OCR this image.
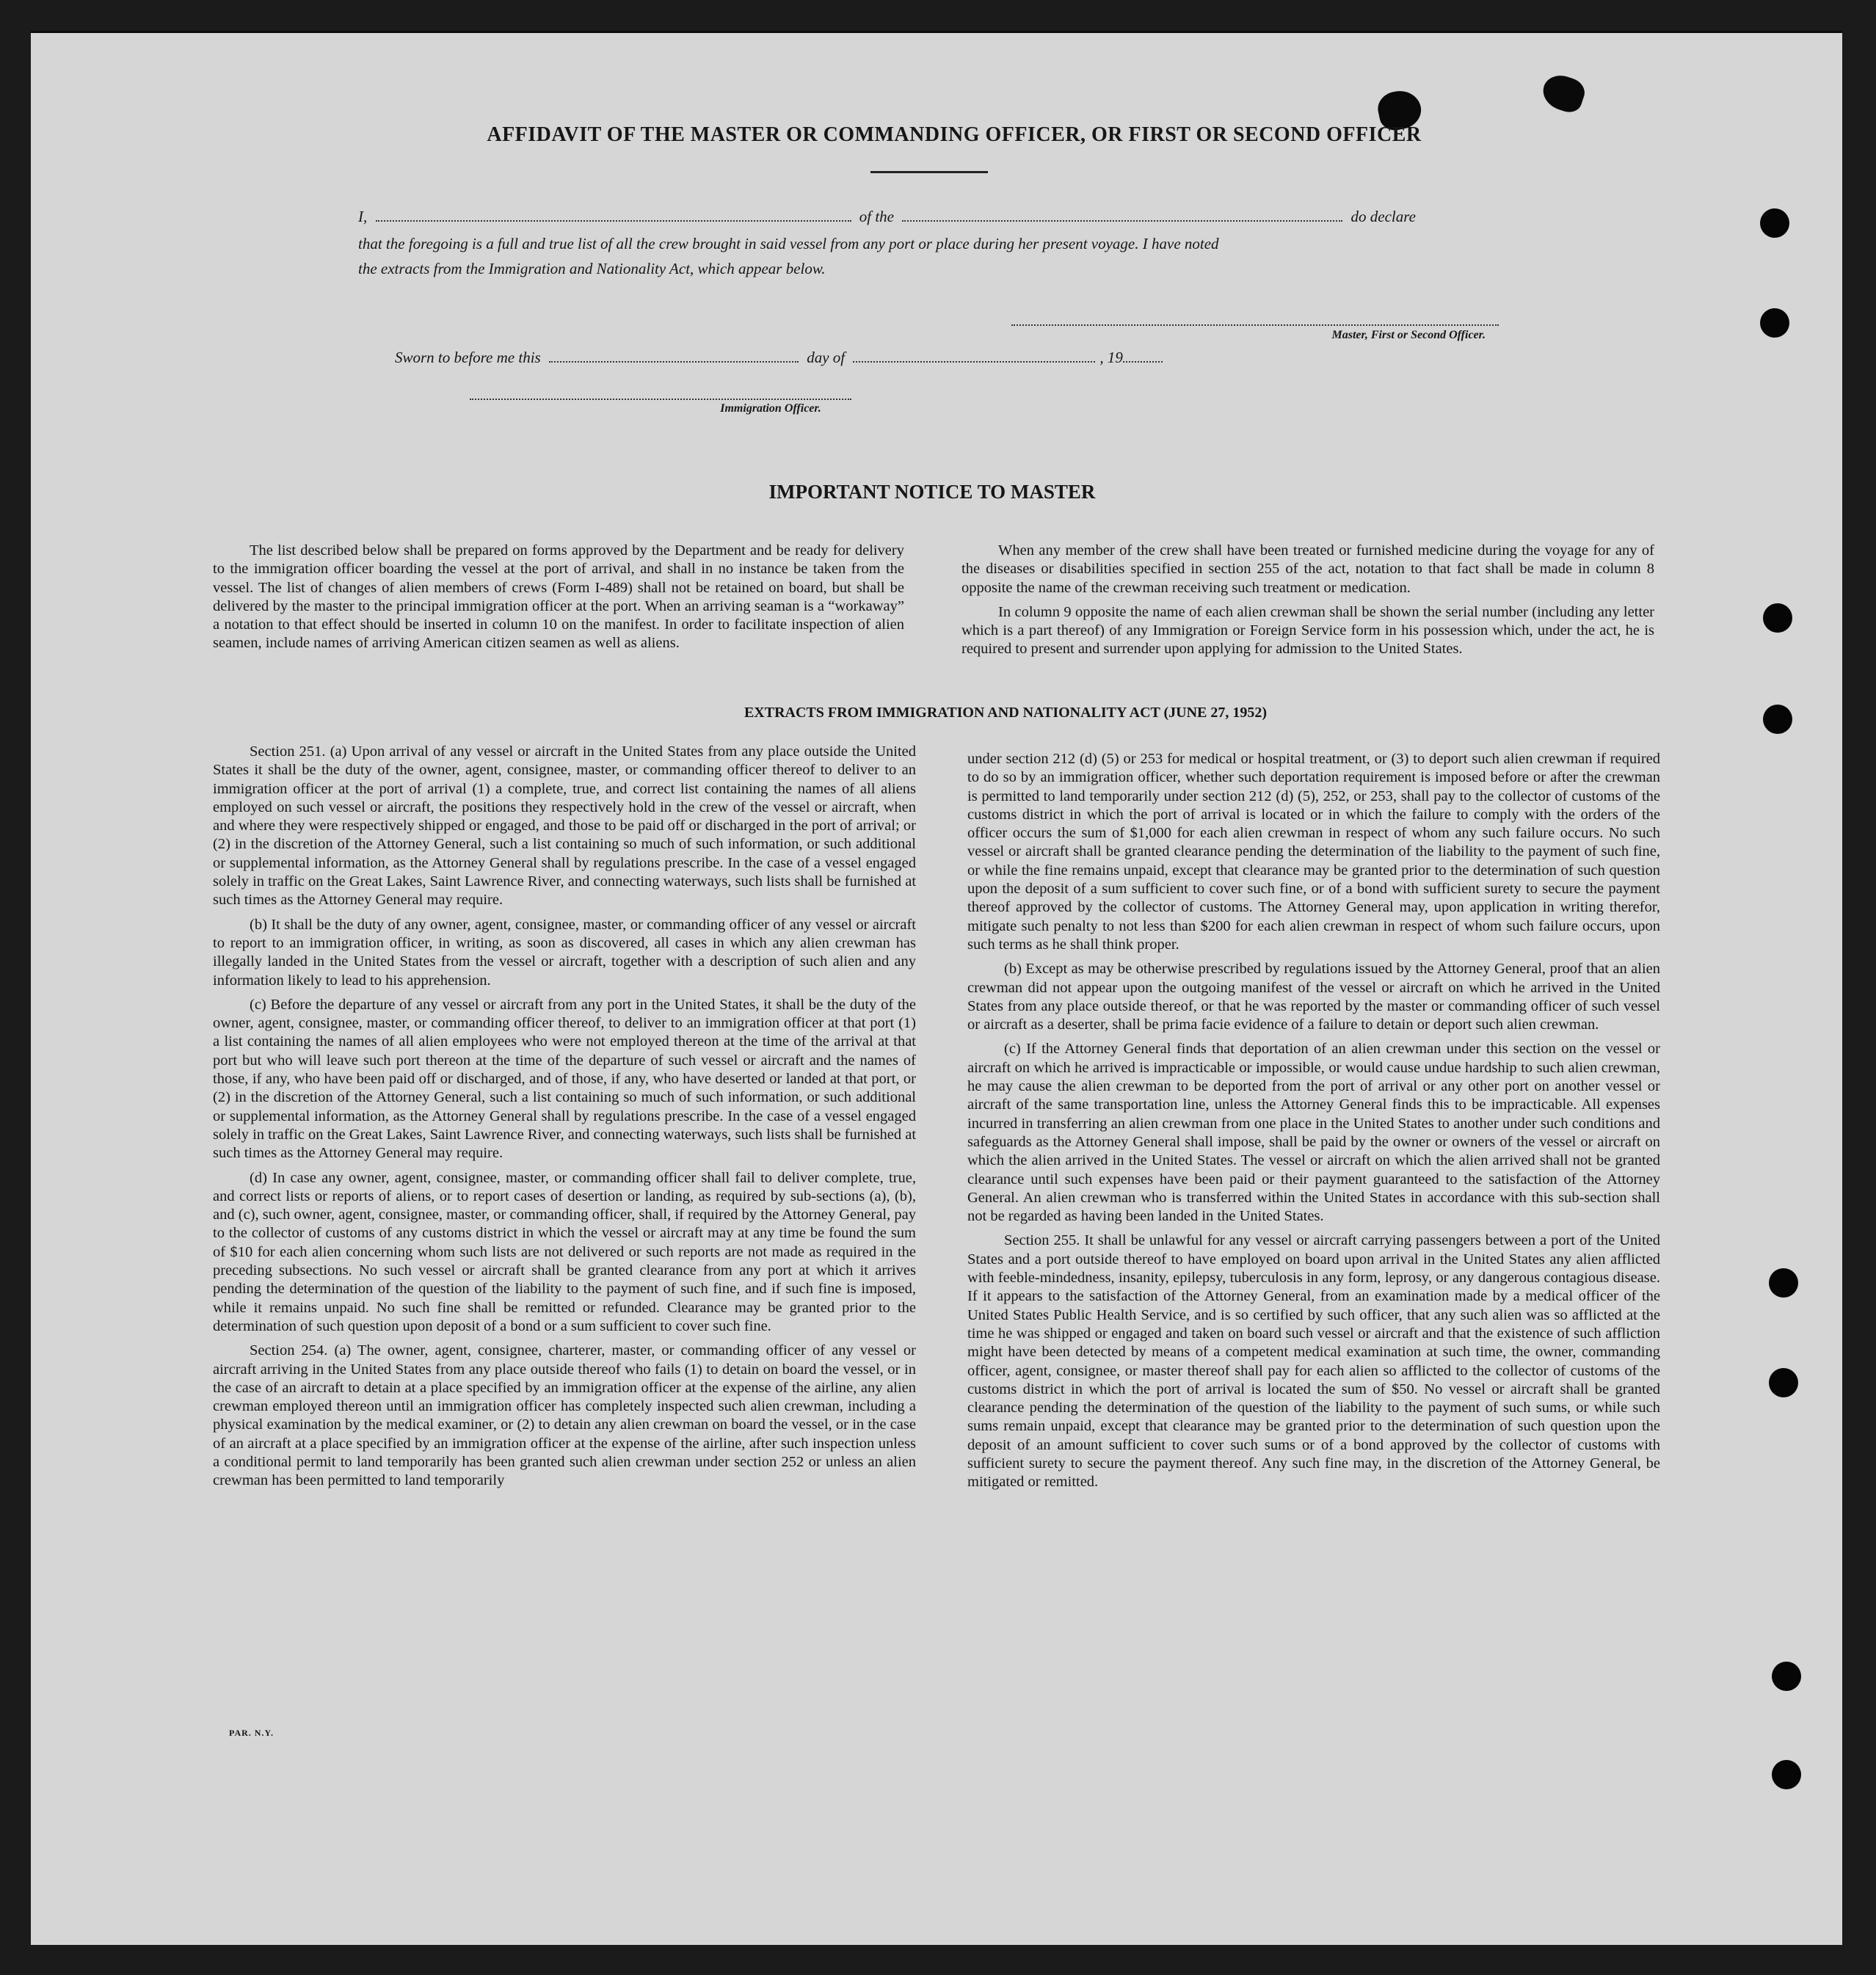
AFFIDAVIT OF THE MASTER OR COMMANDING OFFICER, OR FIRST OR SECOND OFFICER
I,	of the	do declare
that the foregoing is a full and true list of all the crew brought in said vessel from any port or place during her present voyage. I have noted
the extracts from the Immigration and Nationality Act, which appear below.
Master, First or Second Officer.
Sworn to before me this	day of	, 19
Immigration Officer.
IMPORTANT NOTICE TO MASTER

The list described below shall be prepared on forms approved by the Department and be ready for delivery to the immigration officer boarding the vessel at the port of arrival, and shall in no instance be taken from the vessel. The list of changes of alien members of crews (Form I-489) shall not be retained on board, but shall be delivered by the master to the principal immigration officer at the port. When an arriving seaman is a “workaway” a notation to that effect should be inserted in column 10 on the manifest. In order to facilitate inspection of alien seamen, include names of arriving American citizen seamen as well as aliens.

When any member of the crew shall have been treated or furnished medicine during the voyage for any of the diseases or disabilities specified in section 255 of the act, notation to that fact shall be made in column 8 opposite the name of the crewman receiving such treatment or medication.

In column 9 opposite the name of each alien crewman shall be shown the serial number (including any letter which is a part thereof) of any Immigration or Foreign Service form in his possession which, under the act, he is required to present and surrender upon applying for admission to the United States.

EXTRACTS FROM IMMIGRATION AND NATIONALITY ACT (JUNE 27, 1952)

Section 251. (a) Upon arrival of any vessel or aircraft in the United States from any place outside the United States it shall be the duty of the owner, agent, consignee, master, or commanding officer thereof to deliver to an immigration officer at the port of arrival (1) a complete, true, and correct list containing the names of all aliens employed on such vessel or aircraft, the positions they respectively hold in the crew of the vessel or aircraft, when and where they were respectively shipped or engaged, and those to be paid off or discharged in the port of arrival; or (2) in the discretion of the Attorney General, such a list containing so much of such information, or such additional or supplemental information, as the Attorney General shall by regulations prescribe. In the case of a vessel engaged solely in traffic on the Great Lakes, Saint Lawrence River, and connecting waterways, such lists shall be furnished at such times as the Attorney General may require.

(b) It shall be the duty of any owner, agent, consignee, master, or commanding officer of any vessel or aircraft to report to an immigration officer, in writing, as soon as discovered, all cases in which any alien crewman has illegally landed in the United States from the vessel or aircraft, together with a description of such alien and any information likely to lead to his apprehension.

(c) Before the departure of any vessel or aircraft from any port in the United States, it shall be the duty of the owner, agent, consignee, master, or commanding officer thereof, to deliver to an immigration officer at that port (1) a list containing the names of all alien employees who were not employed thereon at the time of the arrival at that port but who will leave such port thereon at the time of the departure of such vessel or aircraft and the names of those, if any, who have been paid off or discharged, and of those, if any, who have deserted or landed at that port, or (2) in the discretion of the Attorney General, such a list containing so much of such information, or such additional or supplemental information, as the Attorney General shall by regulations prescribe. In the case of a vessel engaged solely in traffic on the Great Lakes, Saint Lawrence River, and connecting waterways, such lists shall be furnished at such times as the Attorney General may require.

(d) In case any owner, agent, consignee, master, or commanding officer shall fail to deliver complete, true, and correct lists or reports of aliens, or to report cases of desertion or landing, as required by sub-sections (a), (b), and (c), such owner, agent, consignee, master, or commanding officer, shall, if required by the Attorney General, pay to the collector of customs of any customs district in which the vessel or aircraft may at any time be found the sum of $10 for each alien concerning whom such lists are not delivered or such reports are not made as required in the preceding subsections. No such vessel or aircraft shall be granted clearance from any port at which it arrives pending the determination of the question of the liability to the payment of such fine, and if such fine is imposed, while it remains unpaid. No such fine shall be remitted or refunded. Clearance may be granted prior to the determination of such question upon deposit of a bond or a sum sufficient to cover such fine.

Section 254. (a) The owner, agent, consignee, charterer, master, or commanding officer of any vessel or aircraft arriving in the United States from any place outside thereof who fails (1) to detain on board the vessel, or in the case of an aircraft to detain at a place specified by an immigration officer at the expense of the airline, any alien crewman employed thereon until an immigration officer has completely inspected such alien crewman, including a physical examination by the medical examiner, or (2) to detain any alien crewman on board the vessel, or in the case of an aircraft at a place specified by an immigration officer at the expense of the airline, after such inspection unless a conditional permit to land temporarily has been granted such alien crewman under section 252 or unless an alien crewman has been permitted to land temporarily

under section 212 (d) (5) or 253 for medical or hospital treatment, or (3) to deport such alien crewman if required to do so by an immigration officer, whether such deportation requirement is imposed before or after the crewman is permitted to land temporarily under section 212 (d) (5), 252, or 253, shall pay to the collector of customs of the customs district in which the port of arrival is located or in which the failure to comply with the orders of the officer occurs the sum of $1,000 for each alien crewman in respect of whom any such failure occurs. No such vessel or aircraft shall be granted clearance pending the determination of the liability to the payment of such fine, or while the fine remains unpaid, except that clearance may be granted prior to the determination of such question upon the deposit of a sum sufficient to cover such fine, or of a bond with sufficient surety to secure the payment thereof approved by the collector of customs. The Attorney General may, upon application in writing therefor, mitigate such penalty to not less than $200 for each alien crewman in respect of whom such failure occurs, upon such terms as he shall think proper.

(b) Except as may be otherwise prescribed by regulations issued by the Attorney General, proof that an alien crewman did not appear upon the outgoing manifest of the vessel or aircraft on which he arrived in the United States from any place outside thereof, or that he was reported by the master or commanding officer of such vessel or aircraft as a deserter, shall be prima facie evidence of a failure to detain or deport such alien crewman.

(c) If the Attorney General finds that deportation of an alien crewman under this section on the vessel or aircraft on which he arrived is impracticable or impossible, or would cause undue hardship to such alien crewman, he may cause the alien crewman to be deported from the port of arrival or any other port on another vessel or aircraft of the same transportation line, unless the Attorney General finds this to be impracticable. All expenses incurred in transferring an alien crewman from one place in the United States to another under such conditions and safeguards as the Attorney General shall impose, shall be paid by the owner or owners of the vessel or aircraft on which the alien arrived in the United States. The vessel or aircraft on which the alien arrived shall not be granted clearance until such expenses have been paid or their payment guaranteed to the satisfaction of the Attorney General. An alien crewman who is transferred within the United States in accordance with this sub-section shall not be regarded as having been landed in the United States.

Section 255. It shall be unlawful for any vessel or aircraft carrying passengers between a port of the United States and a port outside thereof to have employed on board upon arrival in the United States any alien afflicted with feeble-mindedness, insanity, epilepsy, tuberculosis in any form, leprosy, or any dangerous contagious disease. If it appears to the satisfaction of the Attorney General, from an examination made by a medical officer of the United States Public Health Service, and is so certified by such officer, that any such alien was so afflicted at the time he was shipped or engaged and taken on board such vessel or aircraft and that the existence of such affliction might have been detected by means of a competent medical examination at such time, the owner, commanding officer, agent, consignee, or master thereof shall pay for each alien so afflicted to the collector of customs of the customs district in which the port of arrival is located the sum of $50. No vessel or aircraft shall be granted clearance pending the determination of the question of the liability to the payment of such sums, or while such sums remain unpaid, except that clearance may be granted prior to the determination of such question upon the deposit of an amount sufficient to cover such sums or of a bond approved by the collector of customs with sufficient surety to secure the payment thereof. Any such fine may, in the discretion of the Attorney General, be mitigated or remitted.

PAR. N.Y.
